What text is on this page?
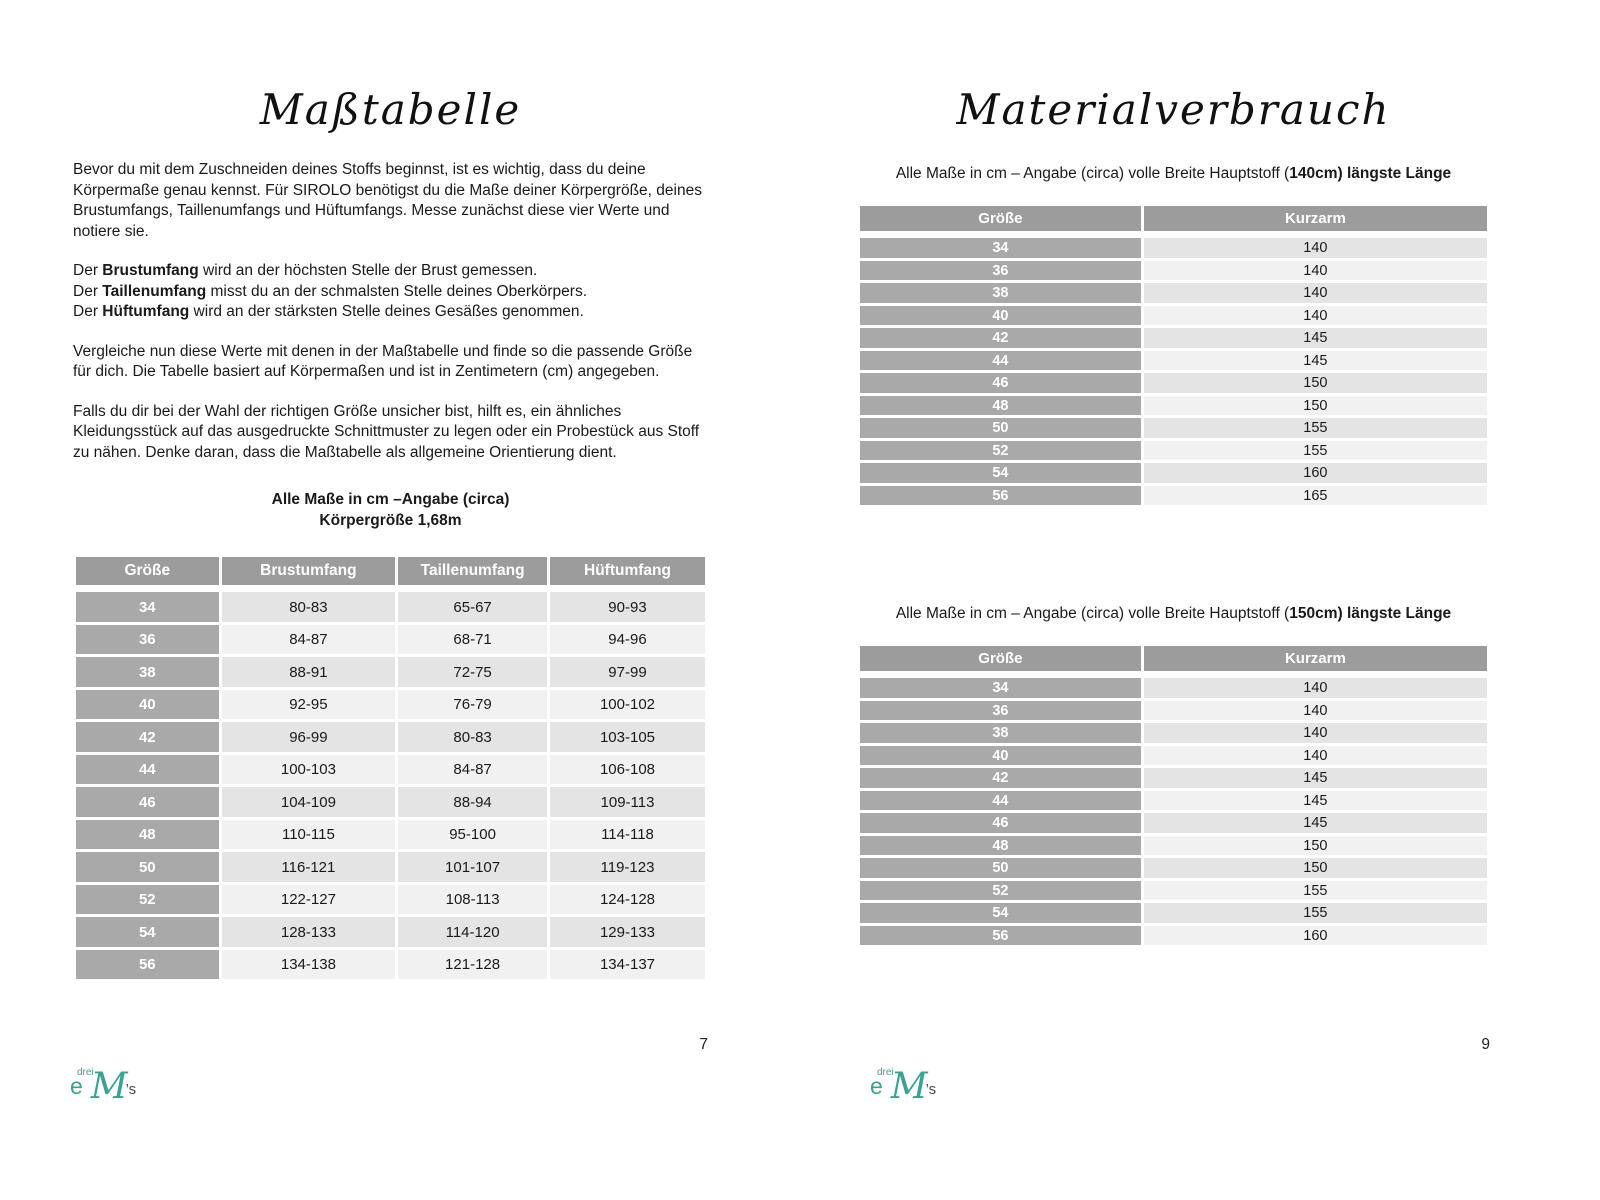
Maßtabelle

Bevor du mit dem Zuschneiden deines Stoffs beginnst, ist es wichtig, dass du deine Körpermaße genau kennst. Für SIROLO benötigst du die Maße deiner Körpergröße, deines Brustumfangs, Taillenumfangs und Hüftumfangs. Messe zunächst diese vier Werte und notiere sie.

Der Brustumfang wird an der höchsten Stelle der Brust gemessen.
Der Taillenumfang misst du an der schmalsten Stelle deines Oberkörpers.
Der Hüftumfang wird an der stärksten Stelle deines Gesäßes genommen.

Vergleiche nun diese Werte mit denen in der Maßtabelle und finde so die passende Größe für dich. Die Tabelle basiert auf Körpermaßen und ist in Zentimetern (cm) angegeben.

Falls du dir bei der Wahl der richtigen Größe unsicher bist, hilft es, ein ähnliches Kleidungsstück auf das ausgedruckte Schnittmuster zu legen oder ein Probestück aus Stoff zu nähen. Denke daran, dass die Maßtabelle als allgemeine Orientierung dient.

Alle Maße in cm –Angabe (circa)
Körpergröße 1,68m
Größe	Brustumfang	Taillenumfang	Hüftumfang
34	80-83	65-67	90-93
36	84-87	68-71	94-96
38	88-91	72-75	97-99
40	92-95	76-79	100-102
42	96-99	80-83	103-105
44	100-103	84-87	106-108
46	104-109	88-94	109-113
48	110-115	95-100	114-118
50	116-121	101-107	119-123
52	122-127	108-113	124-128
54	128-133	114-120	129-133
56	134-138	121-128	134-137
7
drei
e M’s
Materialverbrauch

Alle Maße in cm – Angabe (circa) volle Breite Hauptstoff (140cm) längste Länge

Größe	Kurzarm
34	140
36	140
38	140
40	140
42	145
44	145
46	150
48	150
50	155
52	155
54	160
56	165

Alle Maße in cm – Angabe (circa) volle Breite Hauptstoff (150cm) längste Länge

Größe	Kurzarm
34	140
36	140
38	140
40	140
42	145
44	145
46	145
48	150
50	150
52	155
54	155
56	160
9
drei
e M’s
